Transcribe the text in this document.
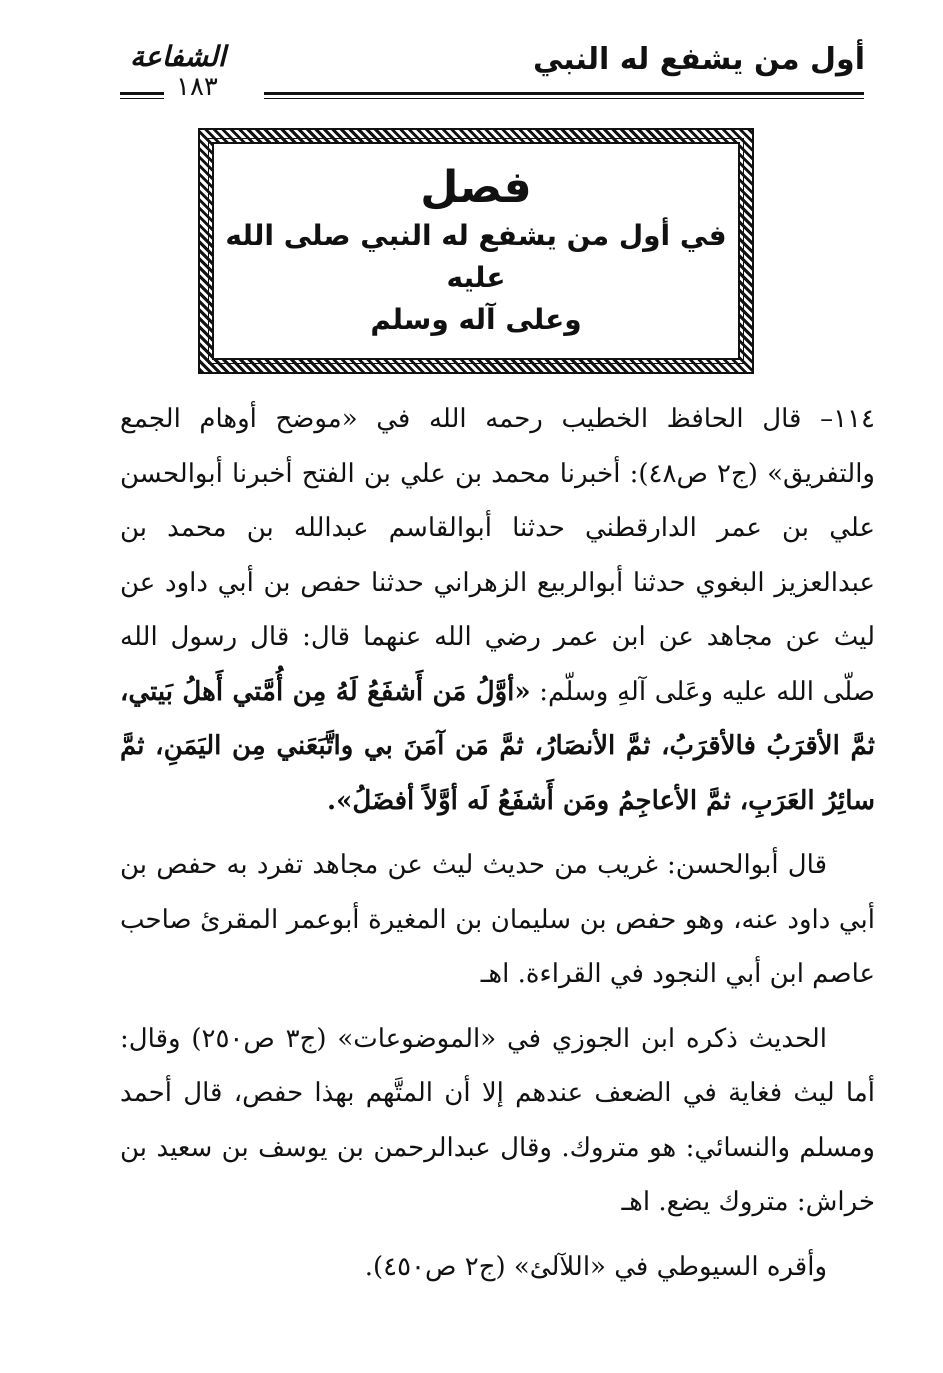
أول من يشفع له النبي
الشفاعة
١٨٣
فصل
في أول من يشفع له النبي صلى الله عليه
وعلى آله وسلم

١١٤– قال الحافظ الخطيب رحمه الله في «موضح أوهام الجمع والتفريق» (ج٢ ص٤٨): أخبرنا محمد بن علي بن الفتح أخبرنا أبوالحسن علي بن عمر الدارقطني حدثنا أبوالقاسم عبدالله بن محمد بن عبدالعزيز البغوي حدثنا أبوالربيع الزهراني حدثنا حفص بن أبي داود عن ليث عن مجاهد عن ابن عمر رضي الله عنهما قال: قال رسول الله صلّى الله عليه وعَلى آلهِ وسلّم: «أوَّلُ مَن أَشفَعُ لَهُ مِن أُمَّتي أَهلُ بَيتي، ثمَّ الأقرَبُ فالأقرَبُ، ثمَّ الأنصَارُ، ثمَّ مَن آمَنَ بي واتَّبَعَني مِن اليَمَنِ، ثمَّ سائِرُ العَرَبِ، ثمَّ الأعاجِمُ ومَن أَشفَعُ لَه أوَّلاً أفضَلُ».

قال أبوالحسن: غريب من حديث ليث عن مجاهد تفرد به حفص بن أبي داود عنه، وهو حفص بن سليمان بن المغيرة أبوعمر المقرئ صاحب عاصم ابن أبي النجود في القراءة. اهـ

الحديث ذكره ابن الجوزي في «الموضوعات» (ج٣ ص٢٥٠) وقال: أما ليث فغاية في الضعف عندهم إلا أن المتَّهم بهذا حفص، قال أحمد ومسلم والنسائي: هو متروك. وقال عبدالرحمن بن يوسف بن سعيد بن خراش: متروك يضع. اهـ

وأقره السيوطي في «اللآلئ» (ج٢ ص٤٥٠).
